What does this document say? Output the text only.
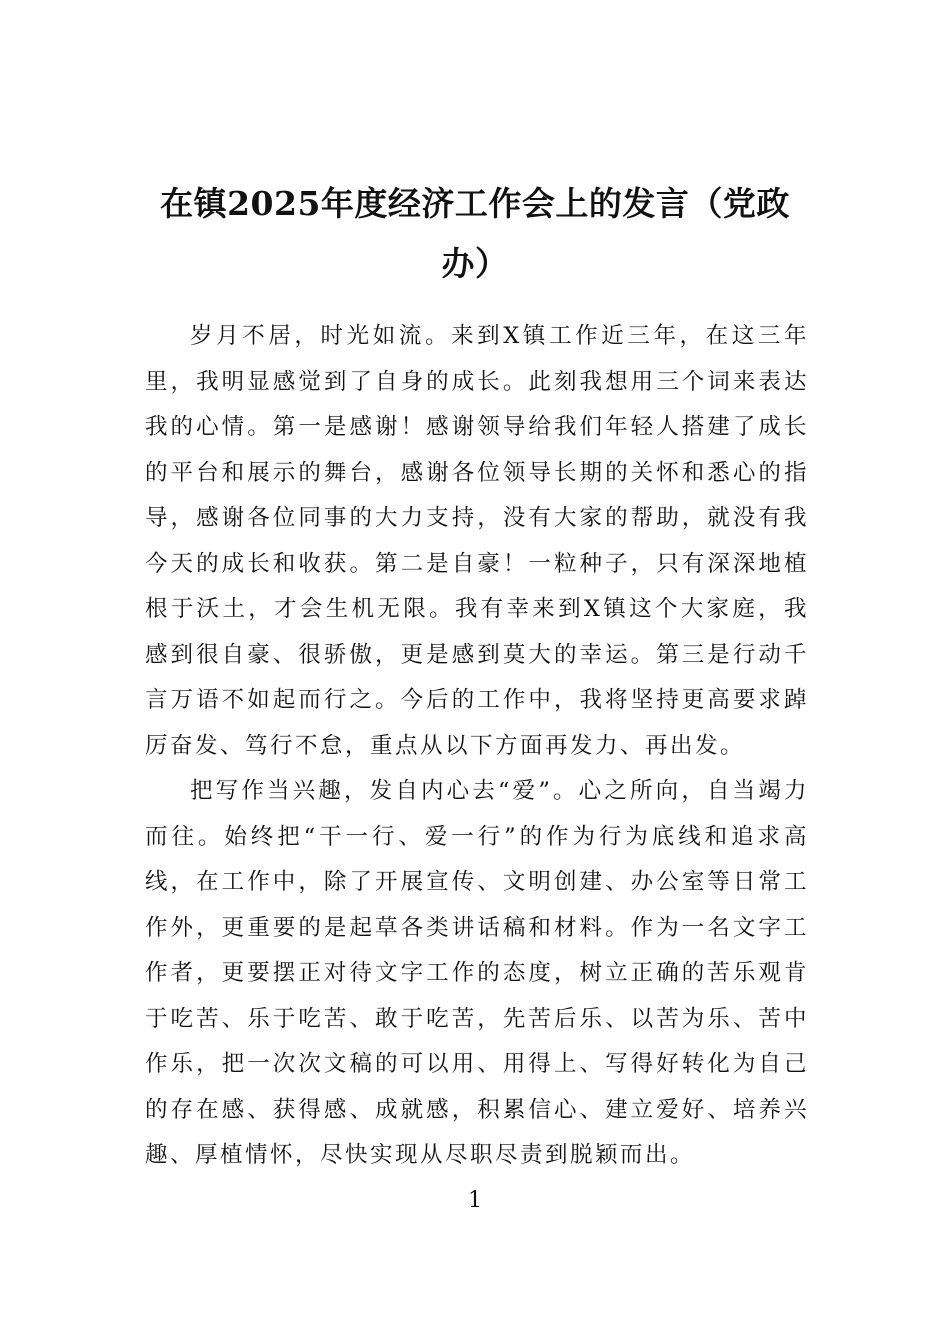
在镇2025年度经济工作会上的发言（党政办）

岁月不居，时光如流。来到X镇工作近三年，在这三年里，我明显感觉到了自身的成长。此刻我想用三个词来表达我的心情。第一是感谢！感谢领导给我们年轻人搭建了成长的平台和展示的舞台，感谢各位领导长期的关怀和悉心的指导，感谢各位同事的大力支持，没有大家的帮助，就没有我今天的成长和收获。第二是自豪！一粒种子，只有深深地植根于沃土，才会生机无限。我有幸来到X镇这个大家庭，我感到很自豪、很骄傲，更是感到莫大的幸运。第三是行动千言万语不如起而行之。今后的工作中，我将坚持更高要求踔厉奋发、笃行不怠，重点从以下方面再发力、再出发。

把写作当兴趣，发自内心去“爱”。心之所向，自当竭力而往。始终把“干一行、爱一行”的作为行为底线和追求高线，在工作中，除了开展宣传、文明创建、办公室等日常工作外，更重要的是起草各类讲话稿和材料。作为一名文字工作者，更要摆正对待文字工作的态度，树立正确的苦乐观肯于吃苦、乐于吃苦、敢于吃苦，先苦后乐、以苦为乐、苦中作乐，把一次次文稿的可以用、用得上、写得好转化为自己的存在感、获得感、成就感，积累信心、建立爱好、培养兴趣、厚植情怀，尽快实现从尽职尽责到脱颖而出。

1
